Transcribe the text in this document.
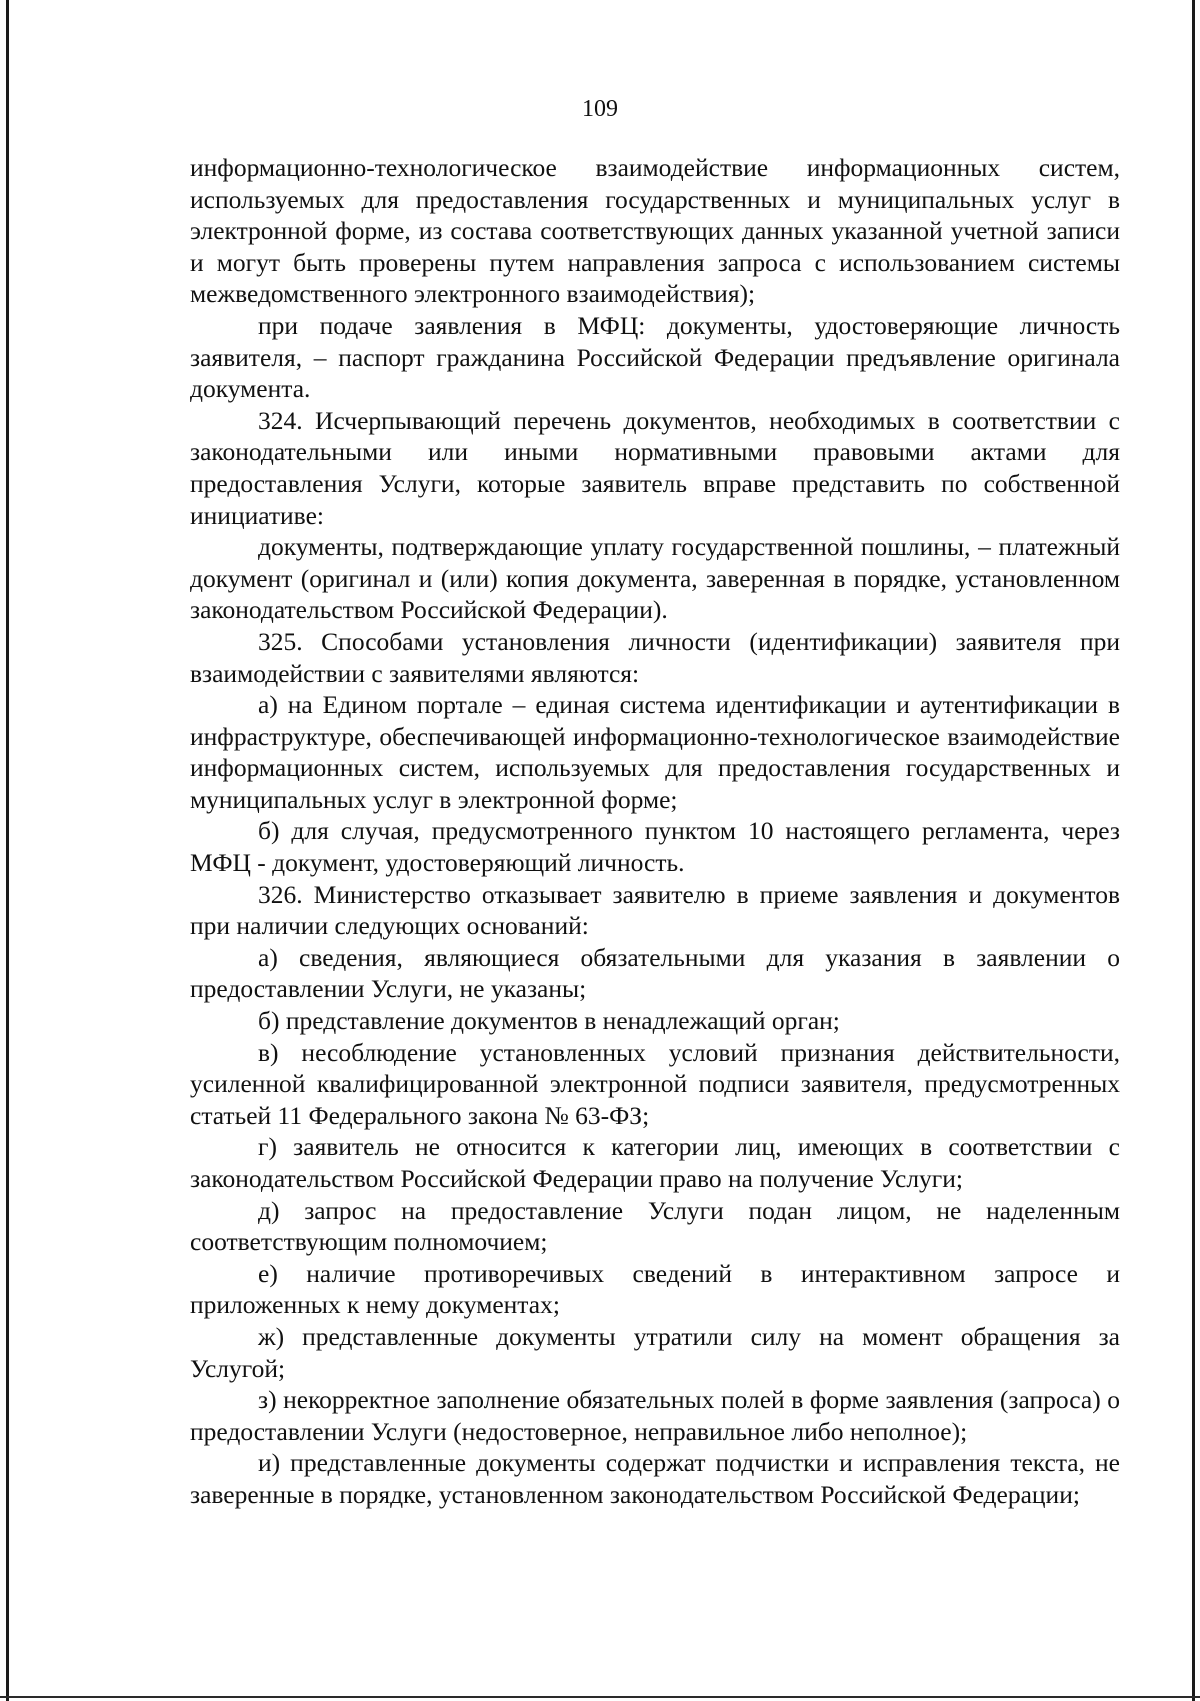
109

информационно-технологическое взаимодействие информационных систем, используемых для предоставления государственных и муниципальных услуг в электронной форме, из состава соответствующих данных указанной учетной записи и могут быть проверены путем направления запроса с использованием системы межведомственного электронного взаимодействия);

при подаче заявления в МФЦ: документы, удостоверяющие личность заявителя, – паспорт гражданина Российской Федерации предъявление оригинала документа.

324. Исчерпывающий перечень документов, необходимых в соответствии с законодательными или иными нормативными правовыми актами для предоставления Услуги, которые заявитель вправе представить по собственной инициативе:

документы, подтверждающие уплату государственной пошлины, – платежный документ (оригинал и (или) копия документа, заверенная в порядке, установленном законодательством Российской Федерации).

325. Способами установления личности (идентификации) заявителя при взаимодействии с заявителями являются:

а) на Едином портале – единая система идентификации и аутентификации в инфраструктуре, обеспечивающей информационно-технологическое взаимодействие информационных систем, используемых для предоставления государственных и муниципальных услуг в электронной форме;

б) для случая, предусмотренного пунктом 10 настоящего регламента, через МФЦ - документ, удостоверяющий личность.

326. Министерство отказывает заявителю в приеме заявления и документов при наличии следующих оснований:

а) сведения, являющиеся обязательными для указания в заявлении о предоставлении Услуги, не указаны;

б) представление документов в ненадлежащий орган;

в) несоблюдение установленных условий признания действительности, усиленной квалифицированной электронной подписи заявителя, предусмотренных статьей 11 Федерального закона № 63-ФЗ;

г) заявитель не относится к категории лиц, имеющих в соответствии с законодательством Российской Федерации право на получение Услуги;

д) запрос на предоставление Услуги подан лицом, не наделенным соответствующим полномочием;

е) наличие противоречивых сведений в интерактивном запросе и приложенных к нему документах;

ж) представленные документы утратили силу на момент обращения за Услугой;

з) некорректное заполнение обязательных полей в форме заявления (запроса) о предоставлении Услуги (недостоверное, неправильное либо неполное);

и) представленные документы содержат подчистки и исправления текста, не заверенные в порядке, установленном законодательством Российской Федерации;
